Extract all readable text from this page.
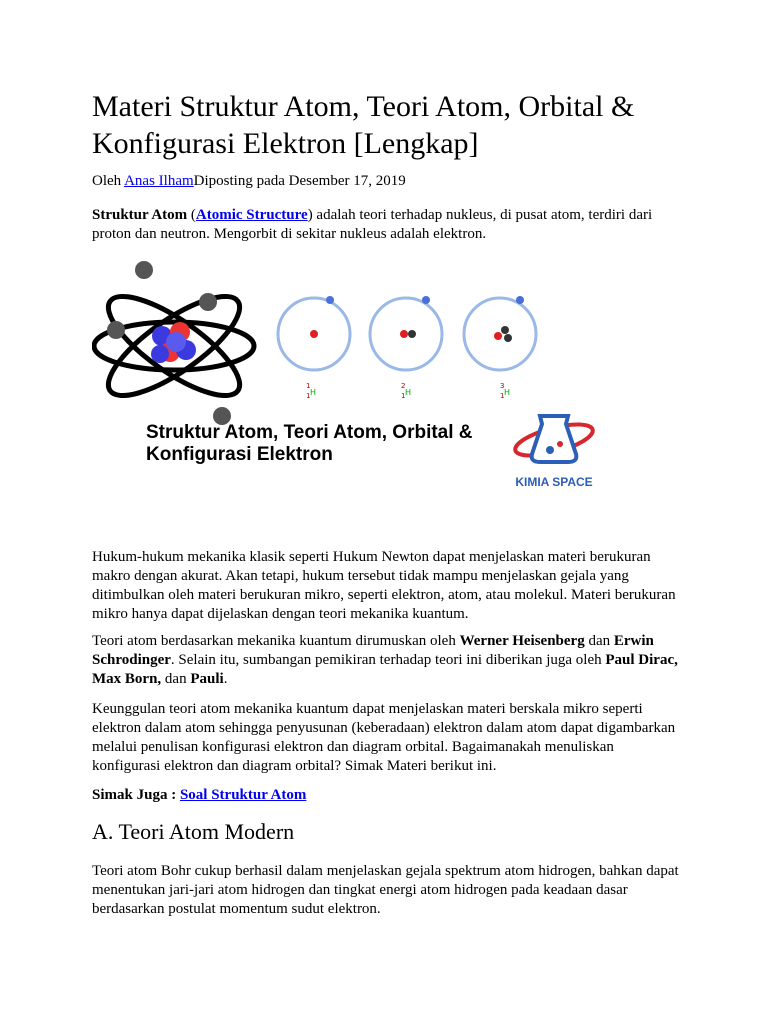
Materi Struktur Atom, Teori Atom, Orbital & Konfigurasi Elektron [Lengkap]

Oleh Anas IlhamDiposting pada Desember 17, 2019

Struktur Atom (Atomic Structure) adalah teori terhadap nukleus, di pusat atom, terdiri dari proton dan neutron. Mengorbit di sekitar nukleus adalah elektron.

1
1 H
2
1 H
3
1 H
Struktur Atom, Teori Atom, Orbital &
Konfigurasi Elektron
KIMIA SPACE

Hukum-hukum mekanika klasik seperti Hukum Newton dapat menjelaskan materi berukuran makro dengan akurat. Akan tetapi, hukum tersebut tidak mampu menjelaskan gejala yang ditimbulkan oleh materi berukuran mikro, seperti elektron, atom, atau molekul. Materi berukuran mikro hanya dapat dijelaskan dengan teori mekanika kuantum.

Teori atom berdasarkan mekanika kuantum dirumuskan oleh Werner Heisenberg dan Erwin Schrodinger. Selain itu, sumbangan pemikiran terhadap teori ini diberikan juga oleh Paul Dirac, Max Born, dan Pauli.

Keunggulan teori atom mekanika kuantum dapat menjelaskan materi berskala mikro seperti elektron dalam atom sehingga penyusunan (keberadaan) elektron dalam atom dapat digambarkan melalui penulisan konfigurasi elektron dan diagram orbital. Bagaimanakah menuliskan konfigurasi elektron dan diagram orbital? Simak Materi berikut ini.

Simak Juga : Soal Struktur Atom

A. Teori Atom Modern

Teori atom Bohr cukup berhasil dalam menjelaskan gejala spektrum atom hidrogen, bahkan dapat menentukan jari-jari atom hidrogen dan tingkat energi atom hidrogen pada keadaan dasar berdasarkan postulat momentum sudut elektron.
